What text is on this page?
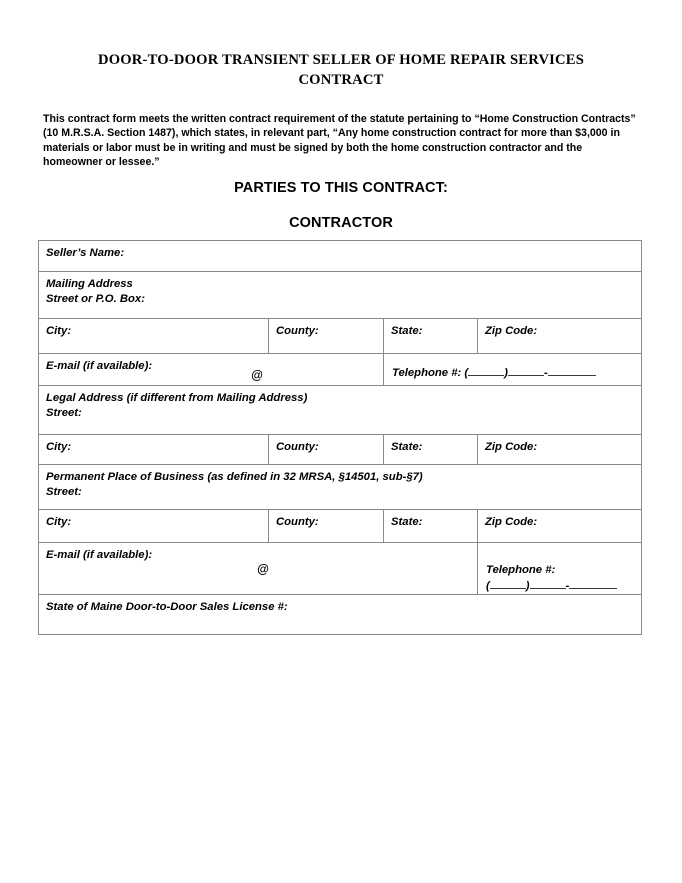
DOOR-TO-DOOR TRANSIENT SELLER OF HOME REPAIR SERVICES
CONTRACT

This contract form meets the written contract requirement of the statute pertaining to “Home Construction Contracts” (10 M.R.S.A. Section 1487), which states, in relevant part, “Any home construction contract for more than $3,000 in materials or labor must be in writing and must be signed by both the home construction contractor and the homeowner or lessee.”

PARTIES TO THIS CONTRACT:
CONTRACTOR
Seller’s Name:			

Mailing Address
Street or P.O. Box:			

City:	County:	State:	Zip Code:

E-mail (if available):
@		Telephone #: ( ) -	

Legal Address (if different from Mailing Address)
Street:			

City:	County:	State:	Zip Code:

Permanent Place of Business (as defined in 32 MRSA, §14501, sub-§7)
Street:			

City:	County:	State:	Zip Code:

E-mail (if available):
@			Telephone #:
( ) -

State of Maine Door-to-Door Sales License #:			
